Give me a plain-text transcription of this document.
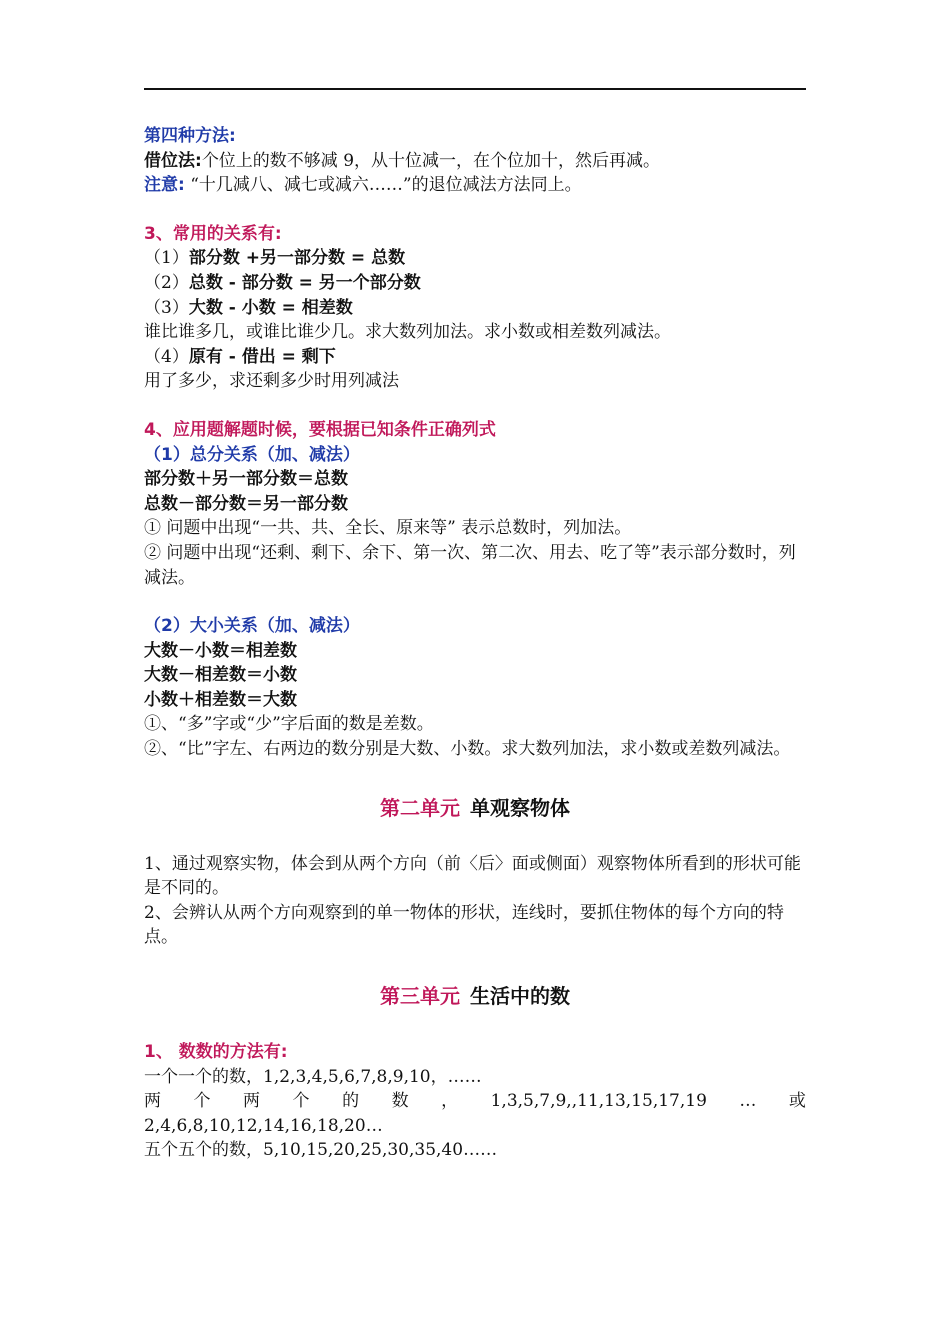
第四种方法:
借位法:个位上的数不够减 9，从十位减一，在个位加十，然后再减。
注意: “十几减八、减七或减六……”的退位减法方法同上。
3、常用的关系有:
（1）部分数 +另一部分数 = 总数
（2）总数 - 部分数 = 另一个部分数
（3）大数 - 小数 = 相差数
谁比谁多几，或谁比谁少几。求大数列加法。求小数或相差数列减法。
（4）原有 - 借出 = 剩下
用了多少，求还剩多少时用列减法
4、应用题解题时候，要根据已知条件正确列式
（1）总分关系（加、减法）
部分数＋另一部分数＝总数
总数－部分数＝另一部分数
① 问题中出现“一共、共、全长、原来等” 表示总数时，列加法。
② 问题中出现“还剩、剩下、余下、第一次、第二次、用去、吃了等”表示部分数时，列减法。
（2）大小关系（加、减法）
大数－小数＝相差数
大数－相差数＝小数
小数＋相差数＝大数
①、“多”字或“少”字后面的数是差数。
②、“比”字左、右两边的数分别是大数、小数。求大数列加法，求小数或差数列减法。
第二单元 单观察物体
1、通过观察实物，体会到从两个方向（前〈后〉面或侧面）观察物体所看到的形状可能是不同的。
2、会辨认从两个方向观察到的单一物体的形状，连线时，要抓住物体的每个方向的特点。
第三单元 生活中的数
1、 数数的方法有:
一个一个的数，1,2,3,4,5,6,7,8,9,10，……
两 个 两 个 的 数 ， 1,3,5,7,9,,11,13,15,17,19 … 或
2,4,6,8,10,12,14,16,18,20…
五个五个的数，5,10,15,20,25,30,35,40……
